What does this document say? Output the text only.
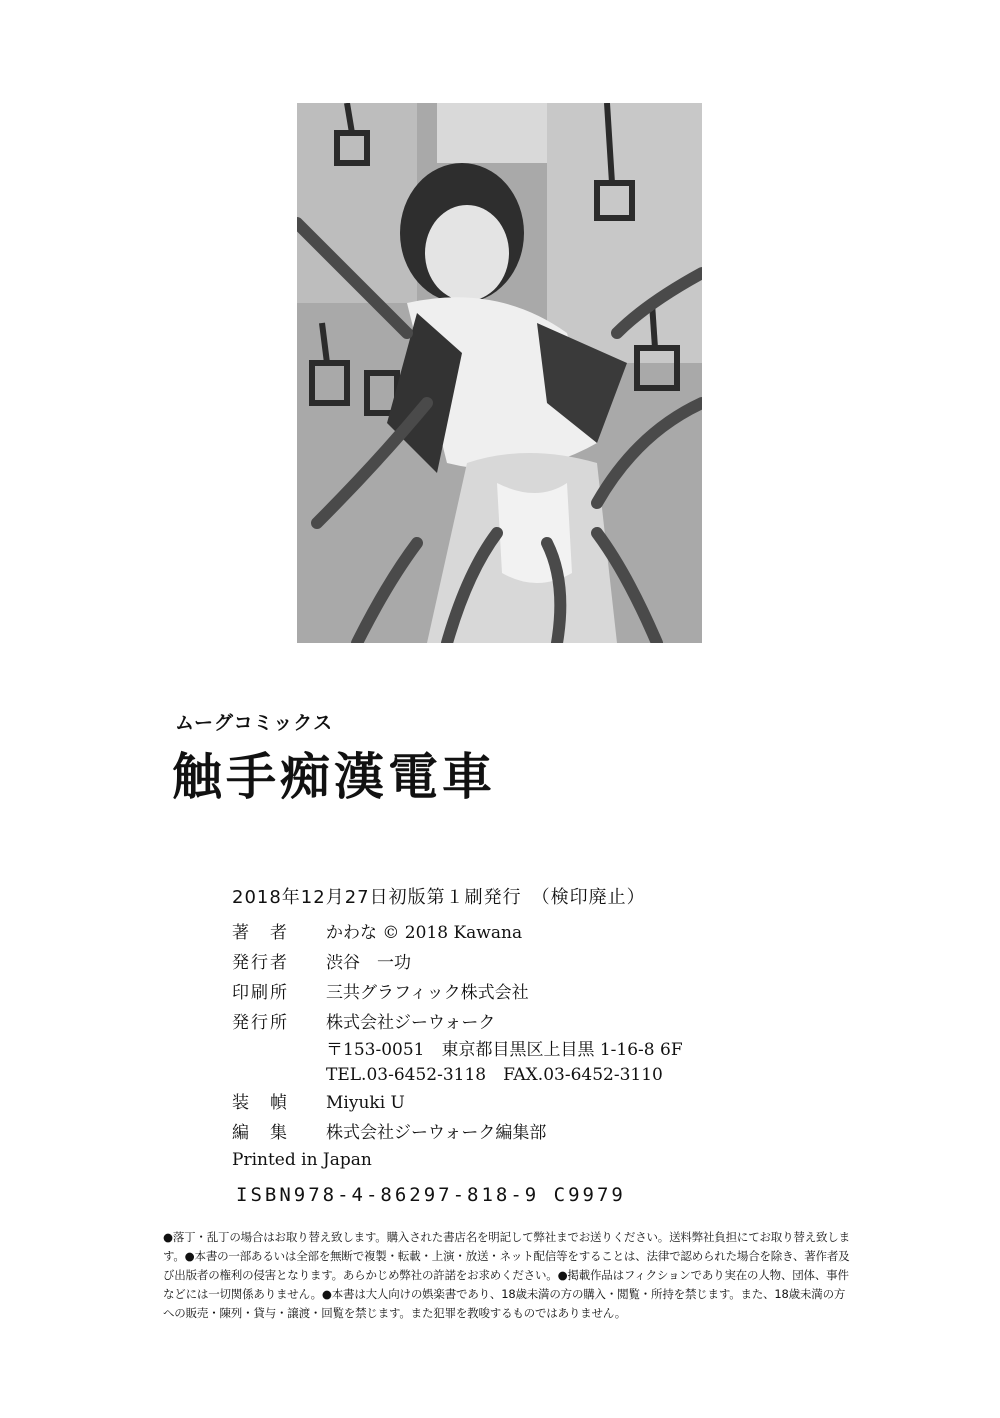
ムーグコミックス
触手痴漢電車
2018年12月27日初版第１刷発行　（検印廃止）
著　者	かわな © 2018 Kawana
発行者	渋谷　一功
印刷所	三共グラフィック株式会社
発行所	株式会社ジーウォーク
〒153-0051　東京都目黒区上目黒 1-16-8 6F
TEL.03-6452-3118　FAX.03-6452-3110
装　幀	Miyuki U
編　集	株式会社ジーウォーク編集部
Printed in Japan
ISBN978-4-86297-818-9 C9979
●落丁・乱丁の場合はお取り替え致します。購入された書店名を明記して弊社までお送りください。送料弊社負担にてお取り替え致します。●本書の一部あるいは全部を無断で複製・転載・上演・放送・ネット配信等をすることは、法律で認められた場合を除き、著作者及び出版者の権利の侵害となります。あらかじめ弊社の許諾をお求めください。●掲載作品はフィクションであり実在の人物、団体、事件などには一切関係ありません。●本書は大人向けの娯楽書であり、18歳未満の方の購入・閲覧・所持を禁じます。また、18歳未満の方への販売・陳列・貸与・譲渡・回覧を禁じます。また犯罪を教唆するものではありません。
